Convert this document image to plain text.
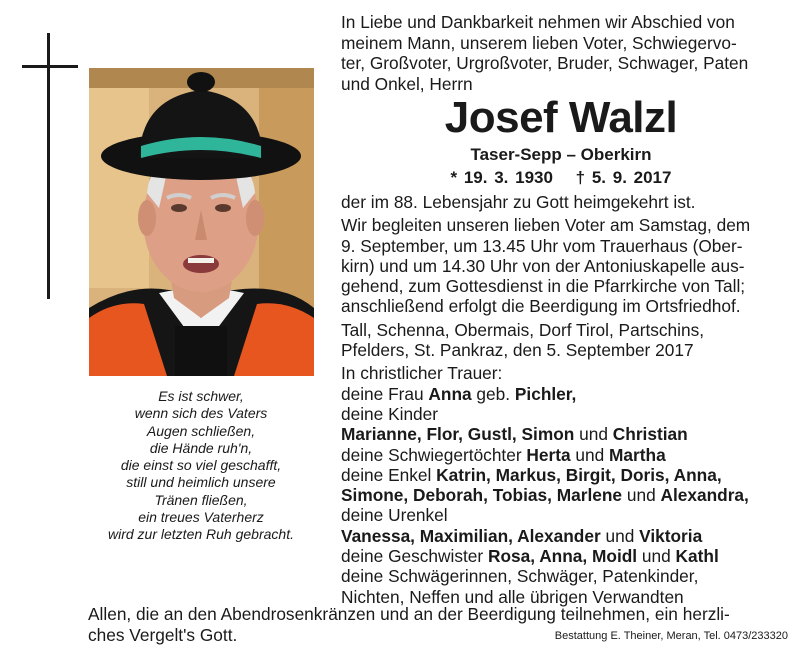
Es ist schwer,
wenn sich des Vaters
Augen schließen,
die Hände ruh'n,
die einst so viel geschafft,
still und heimlich unsere
Tränen fließen,
ein treues Vaterherz
wird zur letzten Ruh gebracht.
In Liebe und Dankbarkeit nehmen wir Abschied von
meinem Mann, unserem lieben Voter, Schwiegervo-
ter, Großvoter, Urgroßvoter, Bruder, Schwager, Paten
und Onkel, Herrn
Josef Walzl
Taser-Sepp – Oberkirn
* 19. 3. 1930 † 5. 9. 2017
der im 88. Lebensjahr zu Gott heimgekehrt ist.
Wir begleiten unseren lieben Voter am Samstag, dem
9. September, um 13.45 Uhr vom Trauerhaus (Ober-
kirn) und um 14.30 Uhr von der Antoniuskapelle aus-
gehend, zum Gottesdienst in die Pfarrkirche von Tall;
anschließend erfolgt die Beerdigung im Ortsfriedhof.
Tall, Schenna, Obermais, Dorf Tirol, Partschins,
Pfelders, St. Pankraz, den 5. September 2017
In christlicher Trauer:
deine Frau Anna geb. Pichler,
deine Kinder
Marianne, Flor, Gustl, Simon und Christian
deine Schwiegertöchter Herta und Martha
deine Enkel Katrin, Markus, Birgit, Doris, Anna,
Simone, Deborah, Tobias, Marlene und Alexandra,
deine Urenkel
Vanessa, Maximilian, Alexander und Viktoria
deine Geschwister Rosa, Anna, Moidl und Kathl
deine Schwägerinnen, Schwäger, Patenkinder,
Nichten, Neffen und alle übrigen Verwandten
Allen, die an den Abendrosenkränzen und an der Beerdigung teilnehmen, ein herzli-
ches Vergelt's Gott.	Bestattung E. Theiner, Meran, Tel. 0473/233320
